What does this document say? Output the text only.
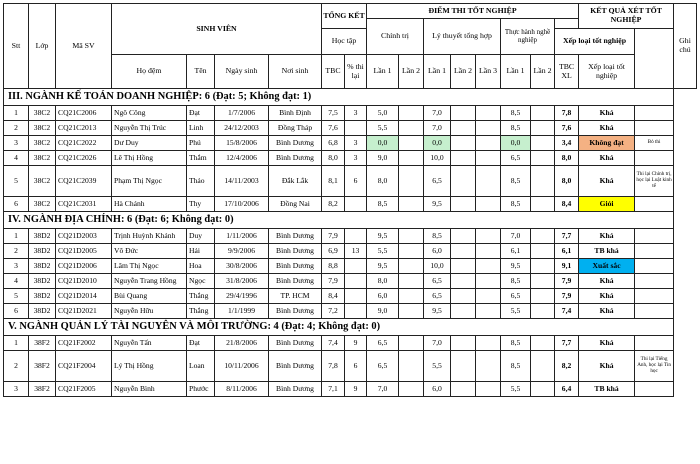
Stt	Lớp	Mã SV	SINH VIÊN				TỔNG KẾT		ĐIỂM THI TỐT NGHIỆP								KẾT QUẢ XÉT TỐT NGHIỆP		Ghi chú
									Chính trị		Lý thuyết tổng hợp			Thực hành nghề nghiệp					
							Học tập									Xếp loại tốt nghiệp			

			Họ đệm	Tên	Ngày sinh	Nơi sinh	TBC	% thi lại	Lần 1	Lần 2	Lần 1	Lần 2	Lần 3	Lần 1	Lần 2	TBC XL	Xếp loại tốt nghiệp		
III. NGÀNH KẾ TOÁN DOANH NGHIỆP: 6 (Đạt: 5; Không đạt: 1)																			
1	38C2	CQ21C2006	Ngô Công	Đạt	1/7/2006	Bình Định	7,5	3	5,0		7,0			8,5		7,8	Khá		
2	38C2	CQ21C2013	Nguyễn Thị Trúc	Linh	24/12/2003	Đồng Tháp	7,6		5,5		7,0			8,5		7,6	Khá		
3	38C2	CQ21C2022	Dư Duy	Phú	15/8/2006	Bình Dương	6,8	3	0,0		0,0			0,0		3,4	Không đạt	Bỏ thi	
4	38C2	CQ21C2026	Lê Thị Hồng	Thắm	12/4/2006	Bình Dương	8,0	3	9,0		10,0			6,5		8,0	Khá		
5	38C2	CQ21C2039	Phạm Thị Ngọc	Thảo	14/11/2003	Đắk Lắk	8,1	6	8,0		6,5			8,5		8,0	Khá	Thi lại Chính trị, học lại Luật kinh tế	
6	38C2	CQ21C2031	Hà Chánh	Thy	17/10/2006	Đồng Nai	8,2		8,5		9,5			8,5		8,4	Giỏi		
IV. NGÀNH ĐỊA CHÍNH: 6 (Đạt: 6; Không đạt: 0)																			
1	38D2	CQ21D2003	Trịnh Huỳnh Khánh	Duy	1/11/2006	Bình Dương	7,9		9,5		8,5			7,0		7,7	Khá		
2	38D2	CQ21D2005	Võ Đức	Hải	9/9/2006	Bình Dương	6,9	13	5,5		6,0			6,1		6,1	TB khá		
3	38D2	CQ21D2006	Lâm Thị Ngọc	Hoa	30/8/2006	Bình Dương	8,8		9,5		10,0			9,5		9,1	Xuất sắc		
4	38D2	CQ21D2010	Nguyễn Trang Hồng	Ngọc	31/8/2006	Bình Dương	7,9		8,0		6,5			8,5		7,9	Khá		
5	38D2	CQ21D2014	Bùi Quang	Thắng	29/4/1996	TP. HCM	8,4		6,0		6,5			6,5		7,9	Khá		
6	38D2	CQ21D2021	Nguyễn Hữu	Thắng	1/1/1999	Bình Dương	7,2		9,0		9,5			5,5		7,4	Khá		
V. NGÀNH QUẢN LÝ TÀI NGUYÊN VÀ MÔI TRƯỜNG: 4 (Đạt: 4; Không đạt: 0)																			
1	38F2	CQ21F2002	Nguyễn Tấn	Đạt	21/8/2006	Bình Dương	7,4	9	6,5		7,0			8,5		7,7	Khá		
2	38F2	CQ21F2004	Lý Thị Hồng	Loan	10/11/2006	Bình Dương	7,8	6	6,5		5,5			8,5		8,2	Khá	Thi lại Tiếng Anh, học lại Tin học	
3	38F2	CQ21F2005	Nguyễn Bình	Phước	8/11/2006	Bình Dương	7,1	9	7,0		6,0			5,5		6,4	TB khá		
